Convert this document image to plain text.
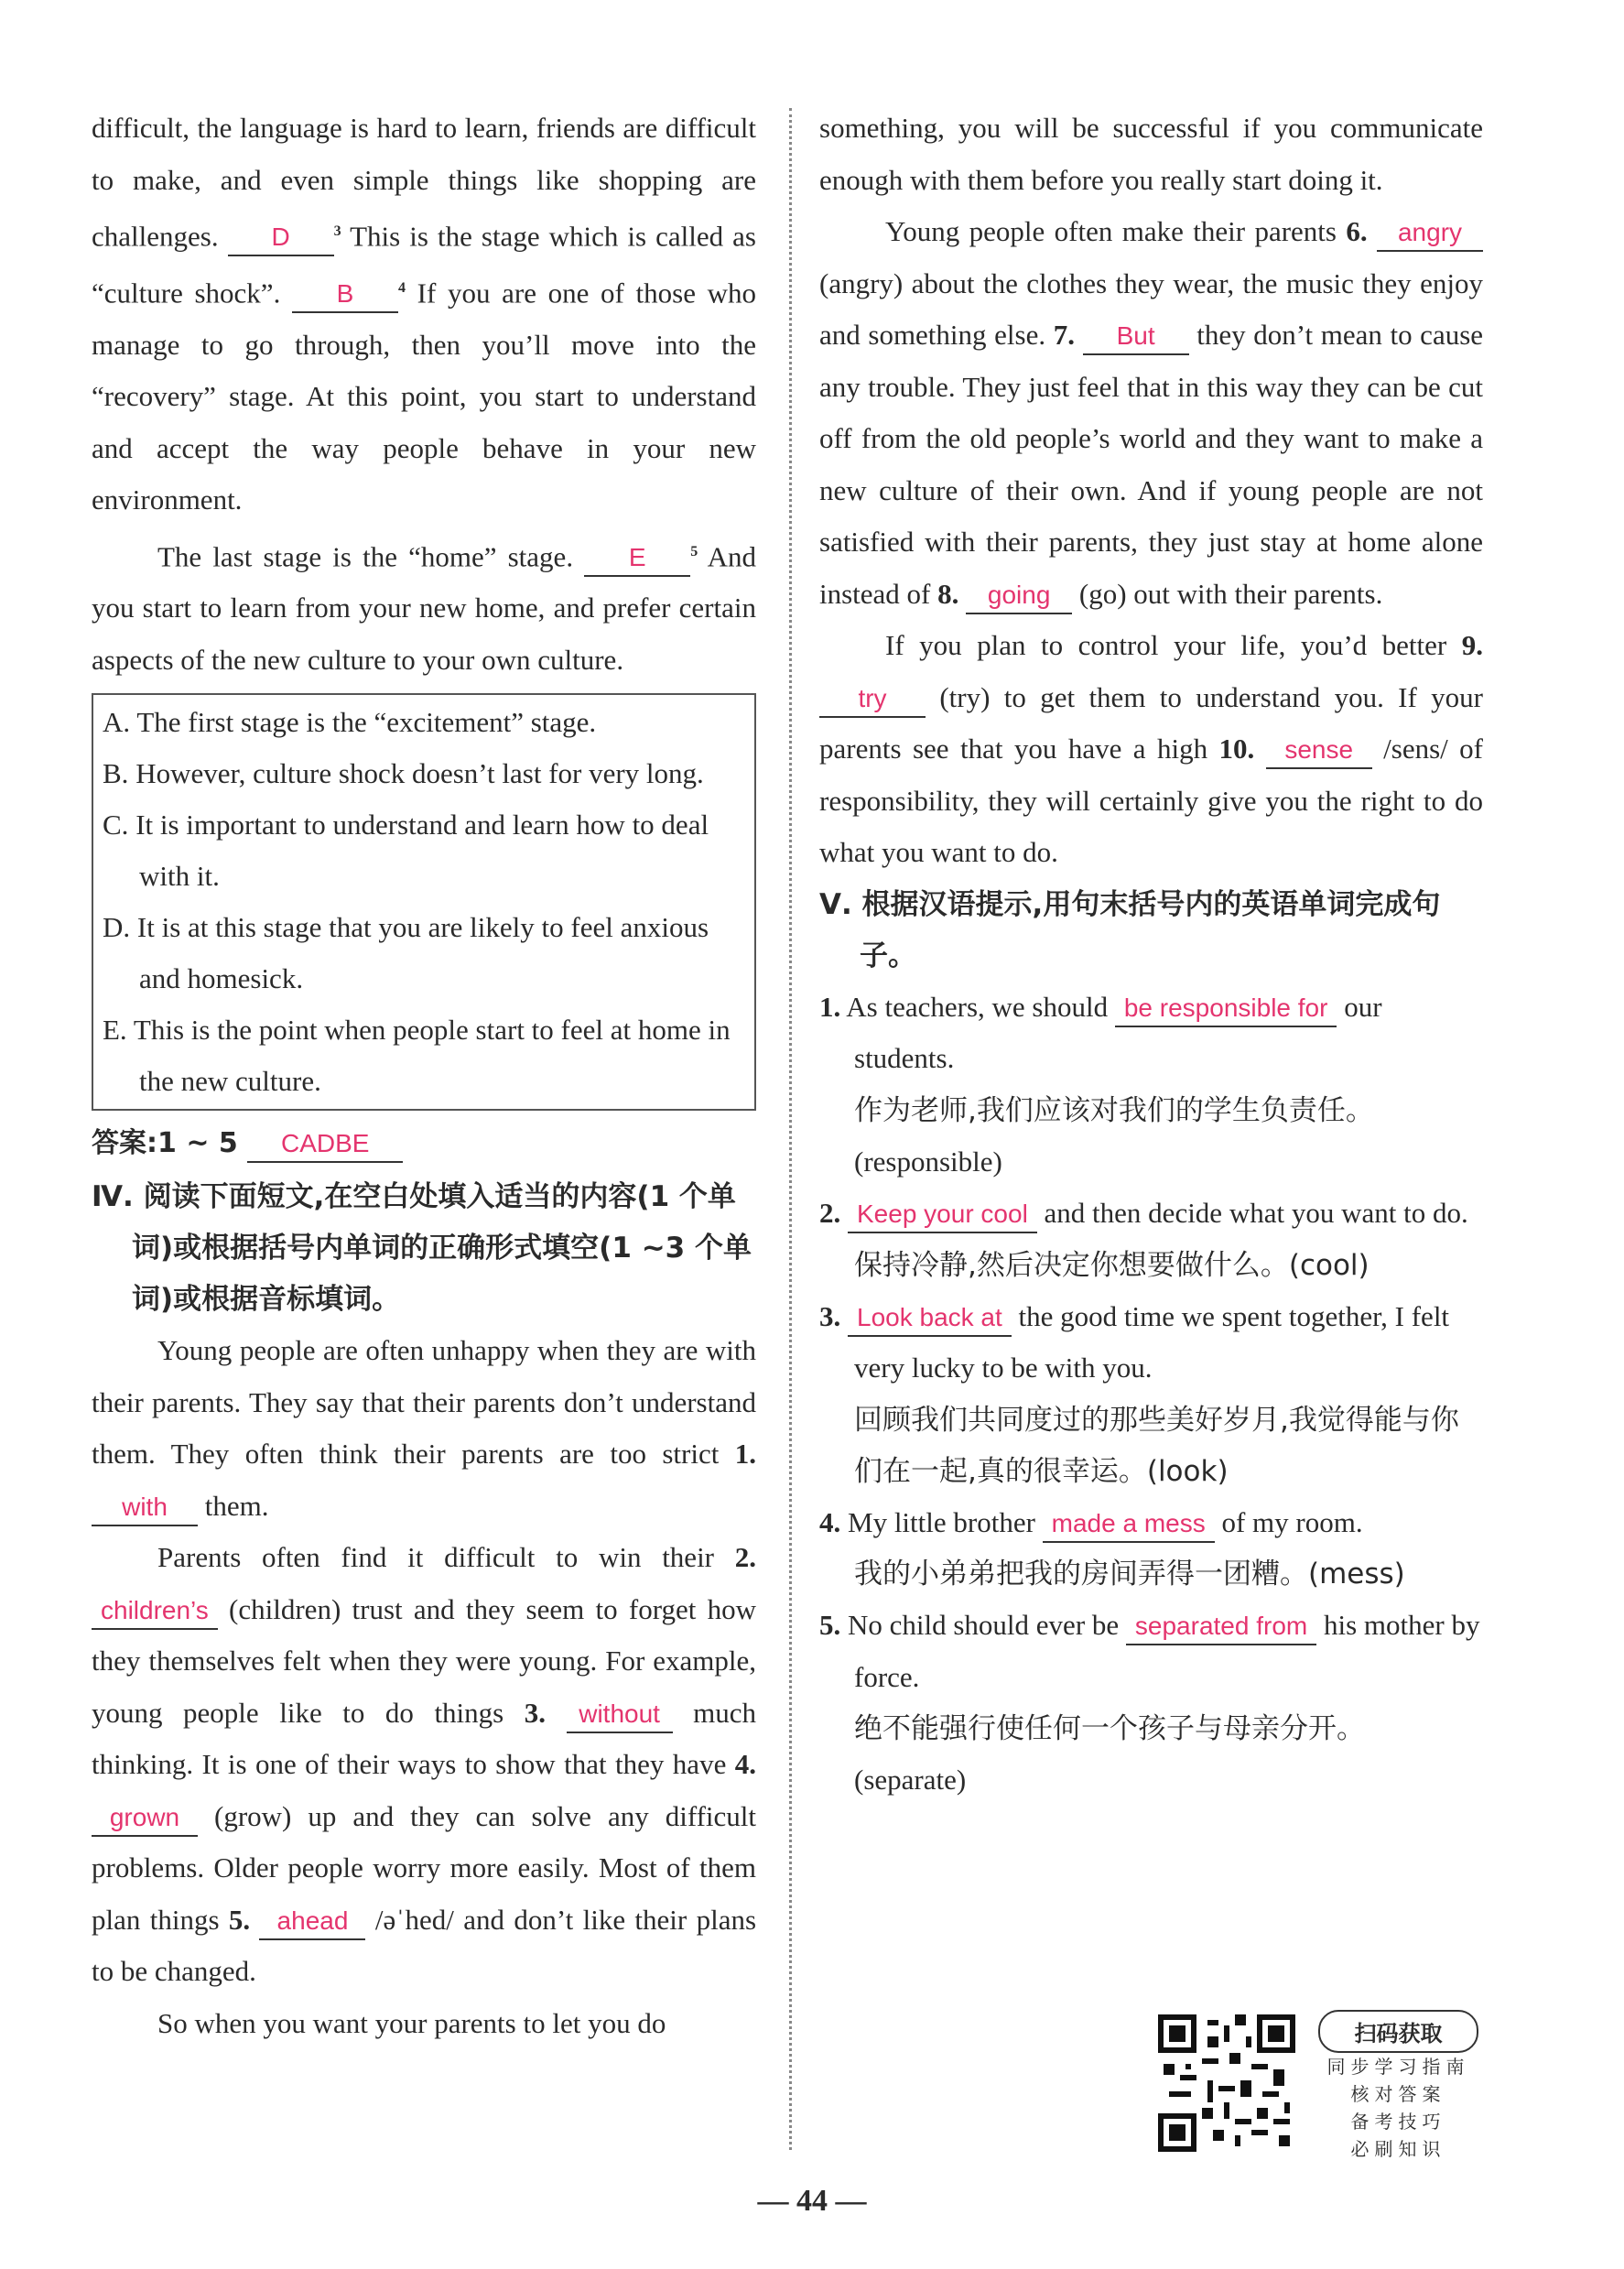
difficult, the language is hard to learn, friends are difficult to make, and even simple things like shopping are challenges. D	$^3$ This is the stage which is called as “culture shock”. B	$^4$ If you are one of those who manage to go through, then you’ll move into the “recovery” stage. At this point, you start to understand and accept the way people behave in your new environment.

The last stage is the “home” stage. E	$^5$ And you start to learn from your new home, and prefer certain aspects of the new culture to your own culture.

A. The first stage is the “excitement” stage.
B. However, culture shock doesn’t last for very long.
C. It is important to understand and learn how to deal with it.
D. It is at this stage that you are likely to feel anxious and homesick.
E. This is the point when people start to feel at home in the new culture.
答案:1 ~ 5 CADBE
Ⅳ. 阅读下面短文,在空白处填入适当的内容(1 个单词)或根据括号内单词的正确形式填空(1 ~3 个单词)或根据音标填词。

Young people are often unhappy when they are with their parents. They say that their parents don’t understand them. They often think their parents are too strict 1. with them.

Parents often find it difficult to win their 2. children’s (children) trust and they seem to forget how they themselves felt when they were young. For example, young people like to do things 3. without much thinking. It is one of their ways to show that they have 4. grown (grow) up and they can solve any difficult problems. Older people worry more easily. Most of them plan things 5. ahead /əˈhed/ and don’t like their plans to be changed.

So when you want your parents to let you do

something, you will be successful if you communicate enough with them before you really start doing it.

Young people often make their parents 6. angry (angry) about the clothes they wear, the music they enjoy and something else. 7. But they don’t mean to cause any trouble. They just feel that in this way they can be cut off from the old people’s world and they want to make a new culture of their own. And if young people are not satisfied with their parents, they just stay at home alone instead of 8. going (go) out with their parents.

If you plan to control your life, you’d better 9. try (try) to get them to understand you. If your parents see that you have a high 10. sense /sens/ of responsibility, they will certainly give you the right to do what you want to do.

Ⅴ. 根据汉语提示,用句末括号内的英语单词完成句子。
1. As teachers, we should be responsible for our students.
作为老师,我们应该对我们的学生负责任。
(responsible)
2. Keep your cool and then decide what you want to do.
保持冷静,然后决定你想要做什么。(cool)
3. Look back at the good time we spent together, I felt very lucky to be with you.
回顾我们共同度过的那些美好岁月,我觉得能与你们在一起,真的很幸运。(look)
4. My little brother made a mess of my room.
我的小弟弟把我的房间弄得一团糟。(mess)
5. No child should ever be separated from his mother by force.
绝不能强行使任何一个孩子与母亲分开。
(separate)
扫码获取
同步学习指南
核对答案
备考技巧
必刷知识
— 44 —
